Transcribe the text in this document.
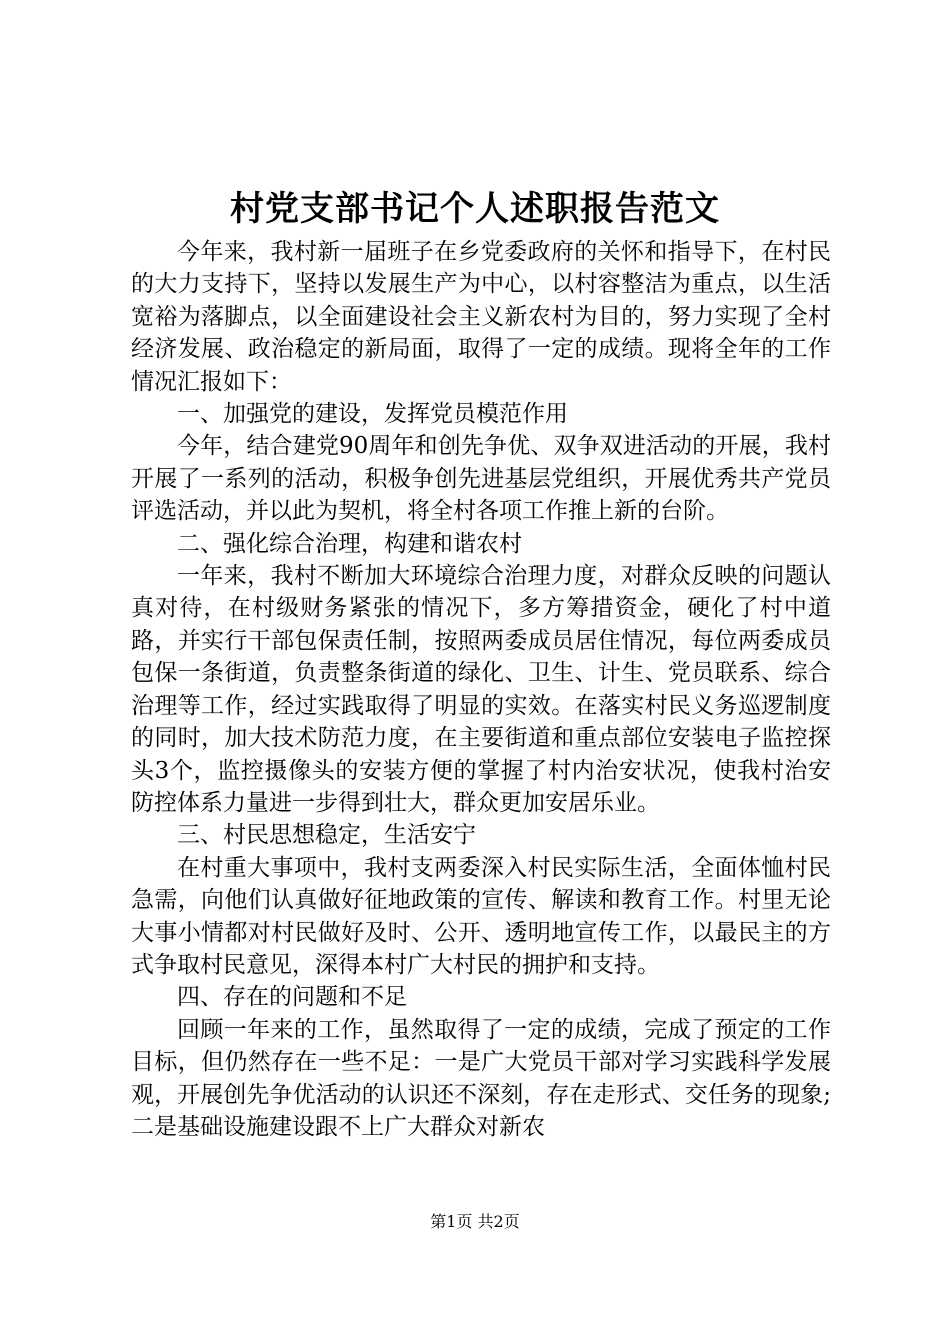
村党支部书记个人述职报告范文

今年来，我村新一届班子在乡党委政府的关怀和指导下，在村民的大力支持下，坚持以发展生产为中心，以村容整洁为重点，以生活宽裕为落脚点，以全面建设社会主义新农村为目的，努力实现了全村经济发展、政治稳定的新局面，取得了一定的成绩。现将全年的工作情况汇报如下：

一、加强党的建设，发挥党员模范作用

今年，结合建党90周年和创先争优、双争双进活动的开展，我村开展了一系列的活动，积极争创先进基层党组织，开展优秀共产党员评选活动，并以此为契机，将全村各项工作推上新的台阶。

二、强化综合治理，构建和谐农村

一年来，我村不断加大环境综合治理力度，对群众反映的问题认真对待，在村级财务紧张的情况下，多方筹措资金，硬化了村中道路，并实行干部包保责任制，按照两委成员居住情况，每位两委成员包保一条街道，负责整条街道的绿化、卫生、计生、党员联系、综合治理等工作，经过实践取得了明显的实效。在落实村民义务巡逻制度的同时，加大技术防范力度，在主要街道和重点部位安装电子监控探头3个，监控摄像头的安装方便的掌握了村内治安状况，使我村治安防控体系力量进一步得到壮大，群众更加安居乐业。

三、村民思想稳定，生活安宁

在村重大事项中，我村支两委深入村民实际生活，全面体恤村民急需，向他们认真做好征地政策的宣传、解读和教育工作。村里无论大事小情都对村民做好及时、公开、透明地宣传工作，以最民主的方式争取村民意见，深得本村广大村民的拥护和支持。

四、存在的问题和不足

回顾一年来的工作，虽然取得了一定的成绩，完成了预定的工作目标，但仍然存在一些不足：一是广大党员干部对学习实践科学发展观，开展创先争优活动的认识还不深刻，存在走形式、交任务的现象;二是基础设施建设跟不上广大群众对新农

第1页 共2页
